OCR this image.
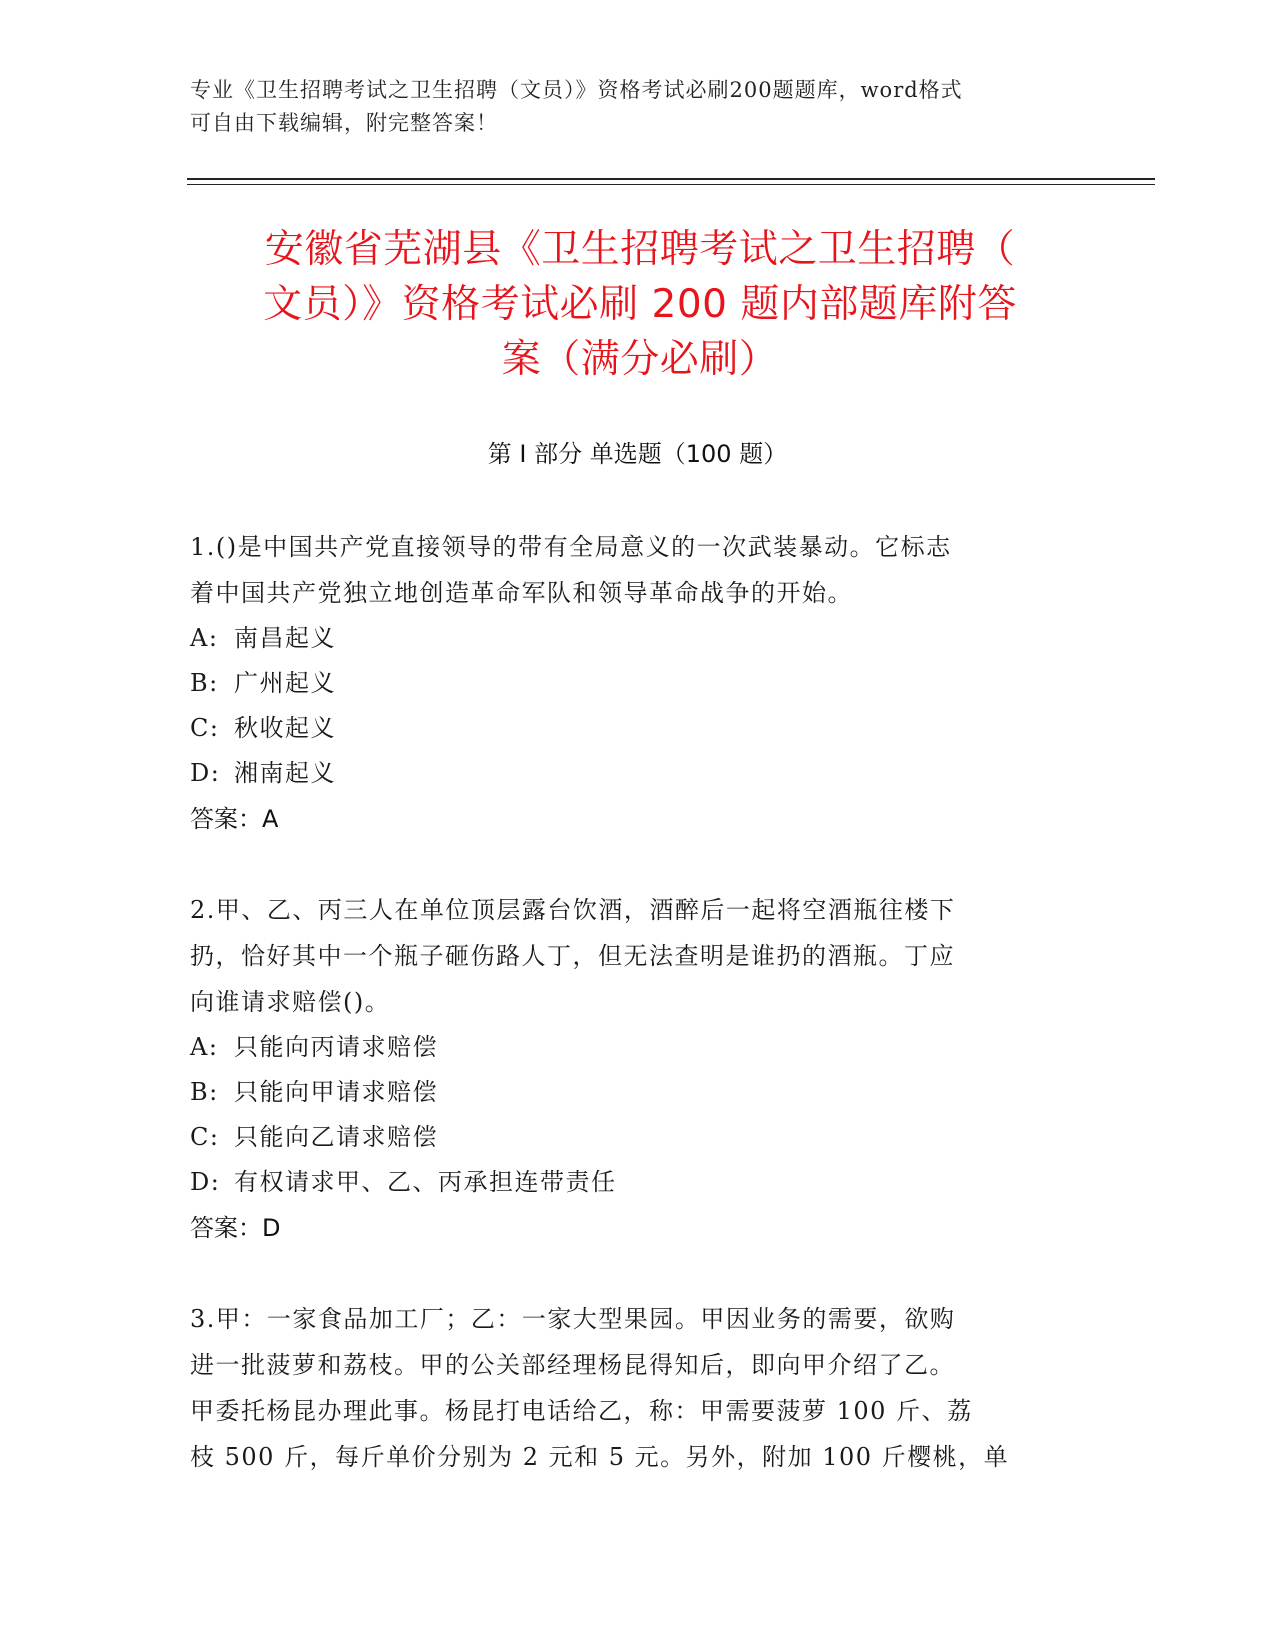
专业《卫生招聘考试之卫生招聘（文员）》资格考试必刷200题题库，word格式
可自由下载编辑，附完整答案！
安徽省芜湖县《卫生招聘考试之卫生招聘（
文员）》资格考试必刷 200 题内部题库附答
案（满分必刷）
第 I 部分 单选题（100 题）

1.()是中国共产党直接领导的带有全局意义的一次武装暴动。它标志

着中国共产党独立地创造革命军队和领导革命战争的开始。

A: 南昌起义

B: 广州起义

C: 秋收起义

D: 湘南起义

答案：A

2.甲、乙、丙三人在单位顶层露台饮酒，酒醉后一起将空酒瓶往楼下

扔，恰好其中一个瓶子砸伤路人丁，但无法查明是谁扔的酒瓶。丁应

向谁请求赔偿()。

A: 只能向丙请求赔偿

B: 只能向甲请求赔偿

C: 只能向乙请求赔偿

D: 有权请求甲、乙、丙承担连带责任

答案：D

3.甲：一家食品加工厂；乙：一家大型果园。甲因业务的需要，欲购

进一批菠萝和荔枝。甲的公关部经理杨昆得知后，即向甲介绍了乙。

甲委托杨昆办理此事。杨昆打电话给乙，称：甲需要菠萝 100 斤、荔

枝 500 斤，每斤单价分别为 2 元和 5 元。另外，附加 100 斤樱桃，单
